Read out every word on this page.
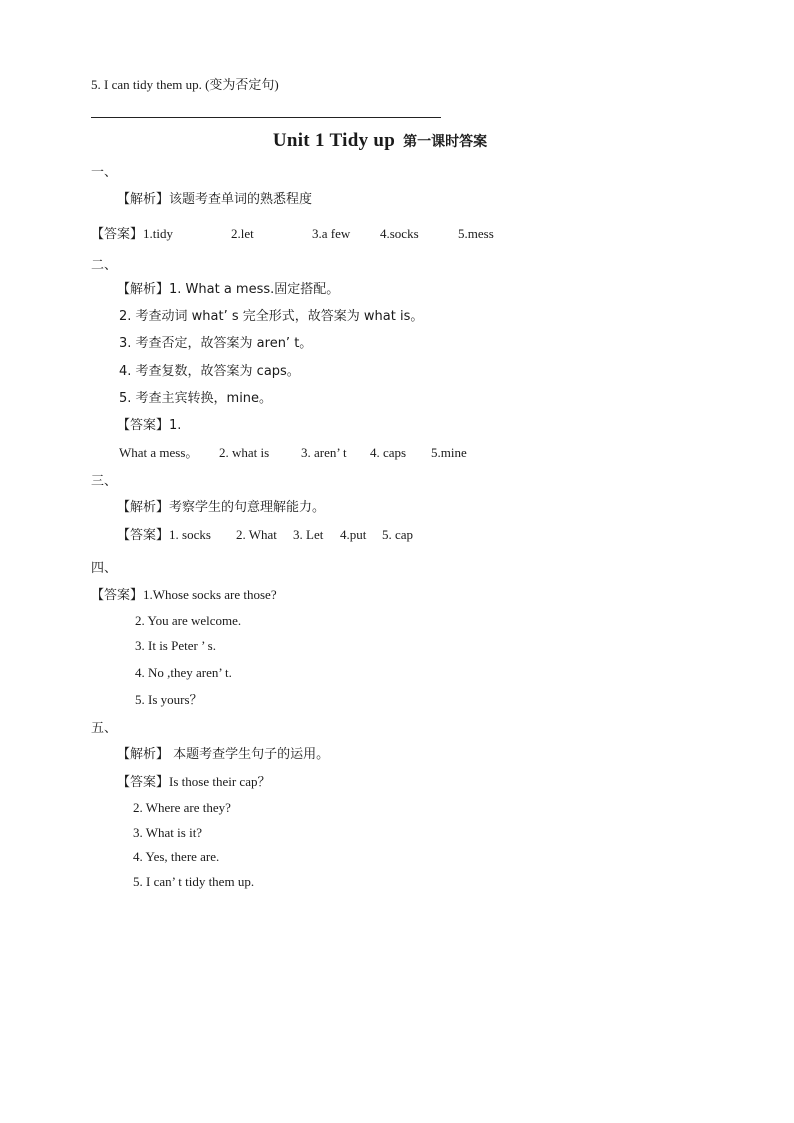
5. I can tidy them up. (变为否定句)
Unit 1 Tidy up 第一课时答案
一、
【解析】该题考查单词的熟悉程度
【答案】1.tidy	2.let	3.a few 4.socks	5.mess
二、
【解析】1. What a mess.固定搭配。
2. 考查动词 what’ s 完全形式，故答案为 what is。
3. 考查否定，故答案为 aren’ t。
4. 考查复数，故答案为 caps。
5. 考查主宾转换，mine。
【答案】1.
What a mess。 2. what is 3. aren’ t 4. caps 5.mine
三、
【解析】考察学生的句意理解能力。
【答案】1. socks 2. What 3. Let 4.put 5. cap
四、
【答案】1.Whose socks are those?
2. You are welcome.
3. It is Peter ’ s.
4. No ,they aren’ t.
5. Is yours？
五、
【解析】 本题考查学生句子的运用。
【答案】Is those their cap？
2. Where are they?
3. What is it?
4. Yes, there are.
5. I can’ t tidy them up.
